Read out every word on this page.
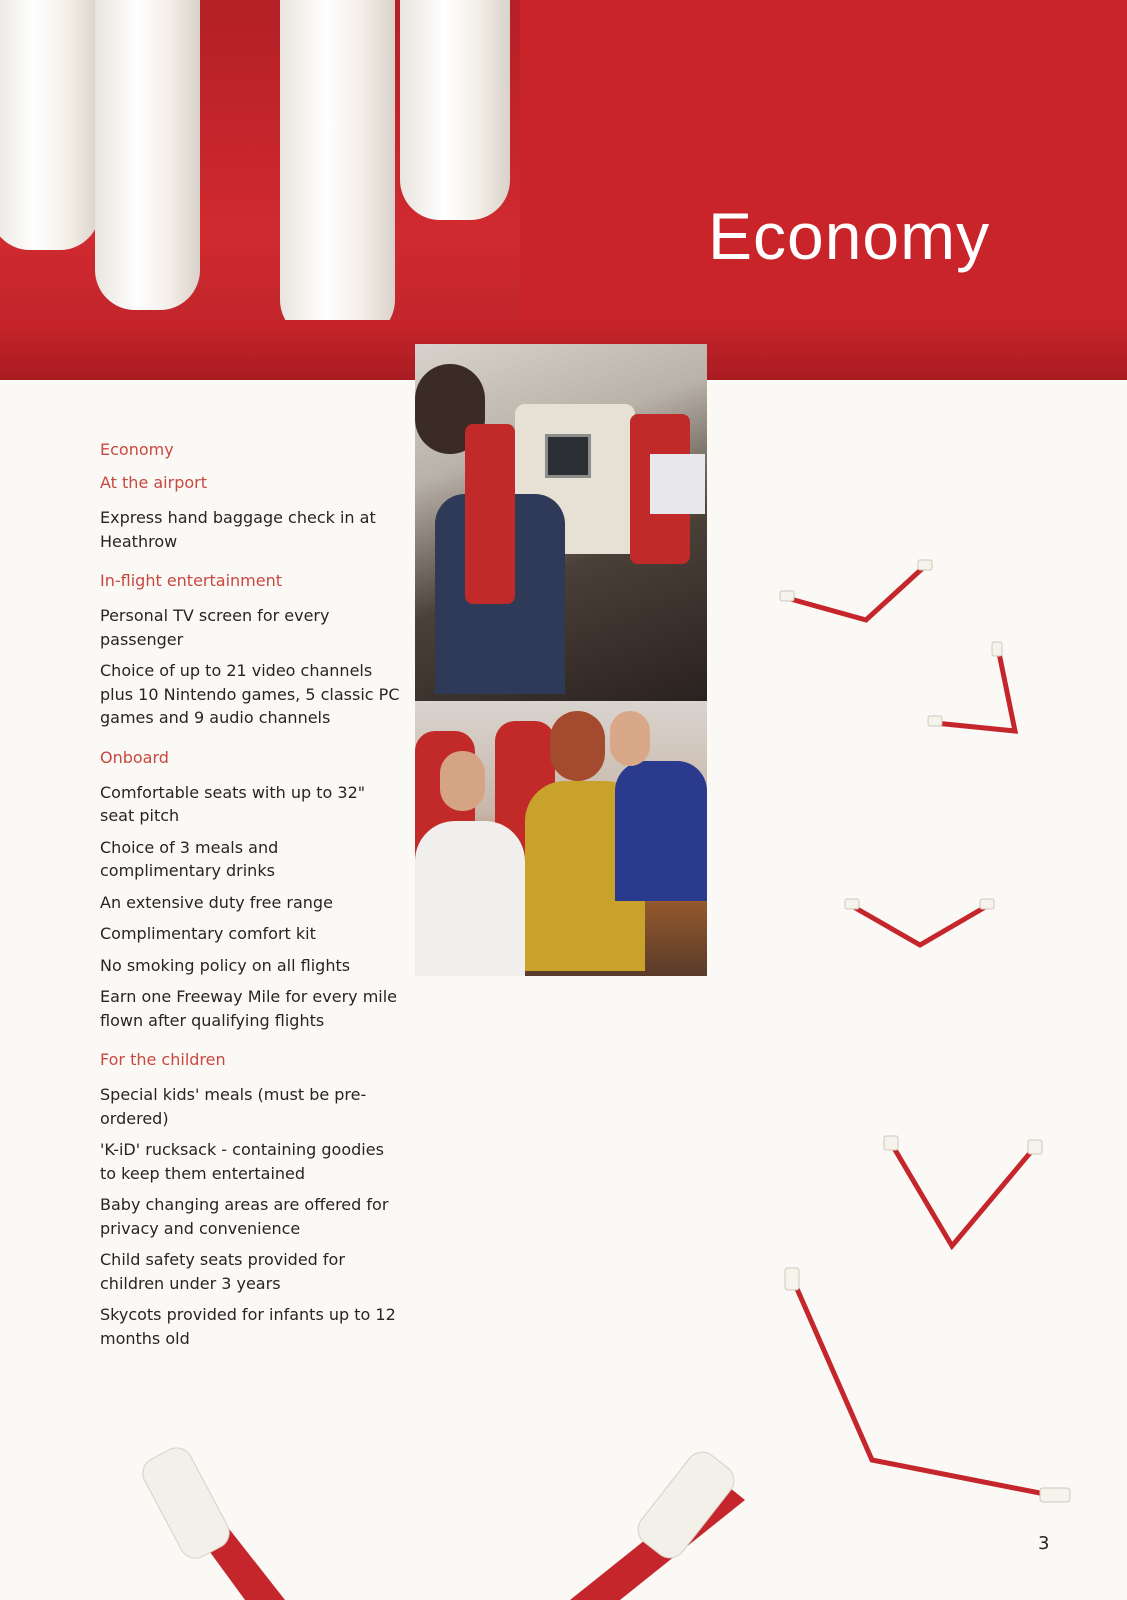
Economy
Economy
At the airport

Express hand baggage check in at Heathrow

In-flight entertainment

Personal TV screen for every passenger

Choice of up to 21 video channels plus 10 Nintendo games, 5 classic PC games and 9 audio channels

Onboard

Comfortable seats with up to 32" seat pitch

Choice of 3 meals and complimentary drinks

An extensive duty free range

Complimentary comfort kit

No smoking policy on all flights

Earn one Freeway Mile for every mile flown after qualifying flights

For the children

Special kids' meals (must be pre-ordered)

'K-iD' rucksack - containing goodies to keep them entertained

Baby changing areas are offered for privacy and convenience

Child safety seats provided for children under 3 years

Skycots provided for infants up to 12 months old

3
